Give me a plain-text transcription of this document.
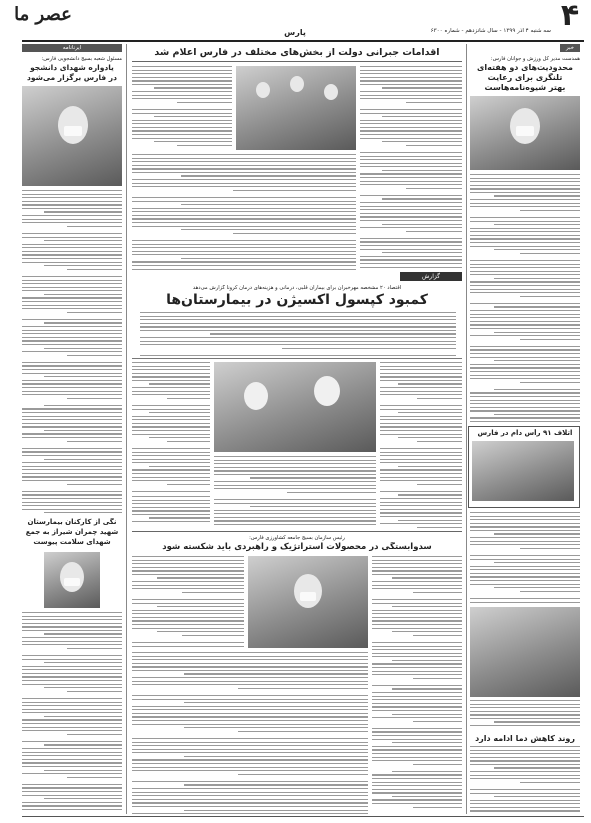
۴
سه شنبه ۴ آذر ۱۳۹۹ - سال شانزدهم - شماره ۶۳۰۰
پارس
عصر ما
خبر
همدست مدیر کل ورزش و جوانان فارس:
محدودیت‌های دو هفته‌ای
تلنگری برای رعایت
بهتر شیوه‌نامه‌هاست
اتلاف ۹۱ رأس دام در فارس
روند کاهش دما ادامه دارد
ایرنا‌نامه
مسئول شعبه بسیج دانشجویی فارس:
یادواره شهدای دانشجو
در فارس برگزار می‌شود
نگی از کارکنان بیمارستان
شهید چمران شیراز به جمع
شهدای سلامت پیوست
اقدامات جبرانی دولت از بخش‌های مختلف در فارس اعلام شد
گزارش
اقتصاد ۲۰ مشخصه مهرخبران برای بیماران قلبی، درمانی و هزینه‌های درمان کرونا گزارش می‌دهد
کمبود کپسول اکسیژن در بیمارستان‌ها
رئیس سازمان بسیج جامعه کشاورزی فارس:
سدوابستگی در محصولات استراتژیک و راهبردی باید شکسته شود
